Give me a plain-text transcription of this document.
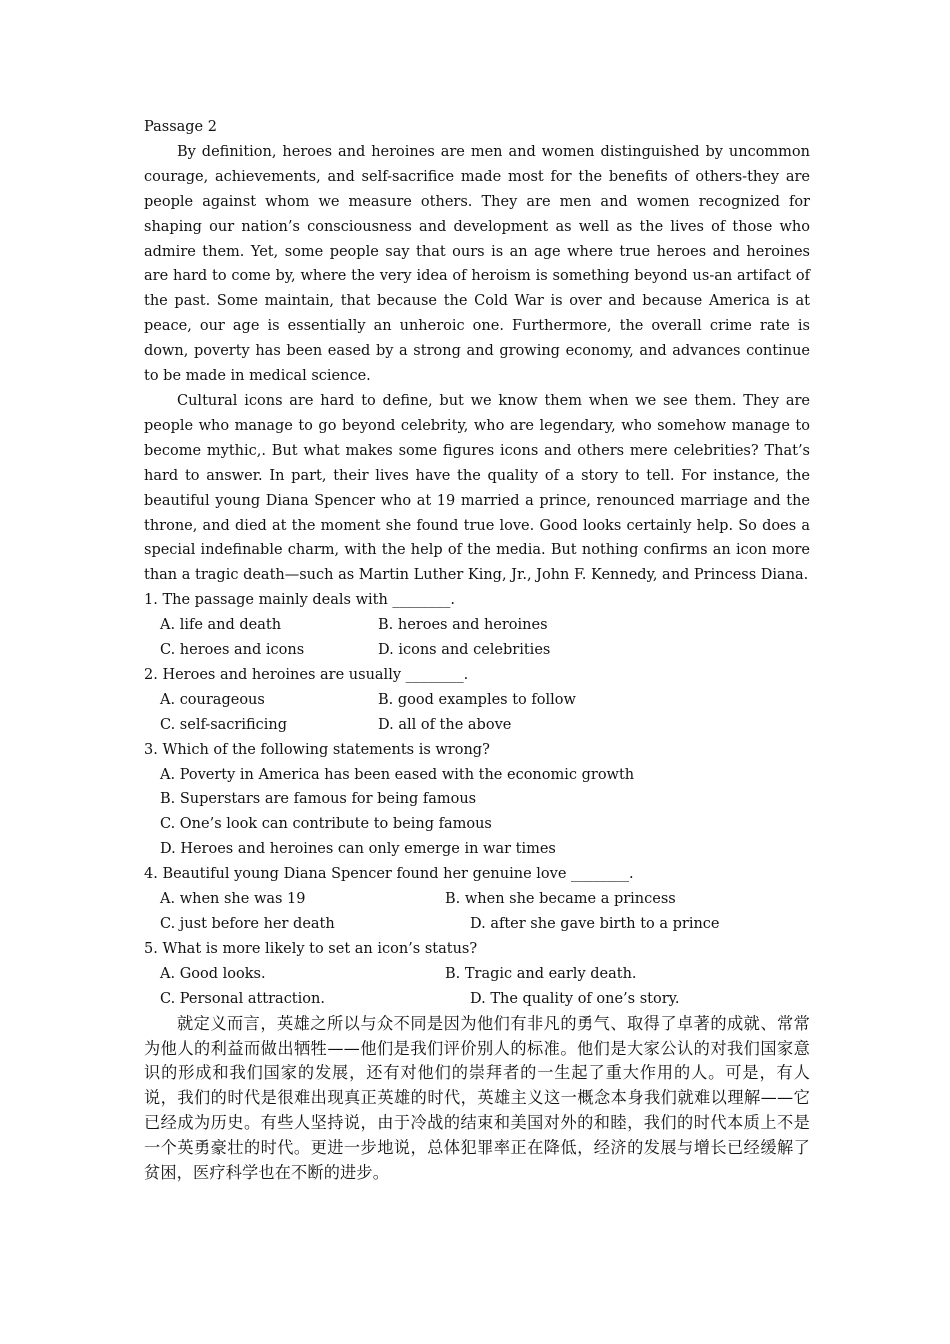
Passage 2

By definition, heroes and heroines are men and women distinguished by uncommon courage, achievements, and self-sacrifice made most for the benefits of others-they are people against whom we measure others. They are men and women recognized for shaping our nation’s consciousness and development as well as the lives of those who admire them. Yet, some people say that ours is an age where true heroes and heroines are hard to come by, where the very idea of heroism is something beyond us-an artifact of the past. Some maintain, that because the Cold War is over and because America is at peace, our age is essentially an unheroic one. Furthermore, the overall crime rate is down, poverty has been eased by a strong and growing economy, and advances continue to be made in medical science.

Cultural icons are hard to define, but we know them when we see them. They are people who manage to go beyond celebrity, who are legendary, who somehow manage to become mythic,. But what makes some figures icons and others mere celebrities? That’s hard to answer. In part, their lives have the quality of a story to tell. For instance, the beautiful young Diana Spencer who at 19 married a prince, renounced marriage and the throne, and died at the moment she found true love. Good looks certainly help. So does a special indefinable charm, with the help of the media. But nothing confirms an icon more than a tragic death—such as Martin Luther King, Jr., John F. Kennedy, and Princess Diana.

1. The passage mainly deals with ________.

A. life and death	B. heroes and heroines
C. heroes and icons	D. icons and celebrities

2. Heroes and heroines are usually ________.

A. courageous	B. good examples to follow
C. self-sacrificing	D. all of the above

3. Which of the following statements is wrong?

A. Poverty in America has been eased with the economic growth
B. Superstars are famous for being famous
C. One’s look can contribute to being famous
D. Heroes and heroines can only emerge in war times

4. Beautiful young Diana Spencer found her genuine love ________.

A. when she was 19	B. when she became a princess
C. just before her death	D. after she gave birth to a prince

5. What is more likely to set an icon’s status?

A. Good looks.	B. Tragic and early death.
C. Personal attraction.	D. The quality of one’s story.

就定义而言，英雄之所以与众不同是因为他们有非凡的勇气、取得了卓著的成就、常常为他人的利益而做出牺牲——他们是我们评价别人的标准。他们是大家公认的对我们国家意识的形成和我们国家的发展，还有对他们的崇拜者的一生起了重大作用的人。可是，有人说，我们的时代是很难出现真正英雄的时代，英雄主义这一概念本身我们就难以理解——它已经成为历史。有些人坚持说，由于冷战的结束和美国对外的和睦，我们的时代本质上不是一个英勇豪壮的时代。更进一步地说，总体犯罪率正在降低，经济的发展与增长已经缓解了贫困，医疗科学也在不断的进步。
